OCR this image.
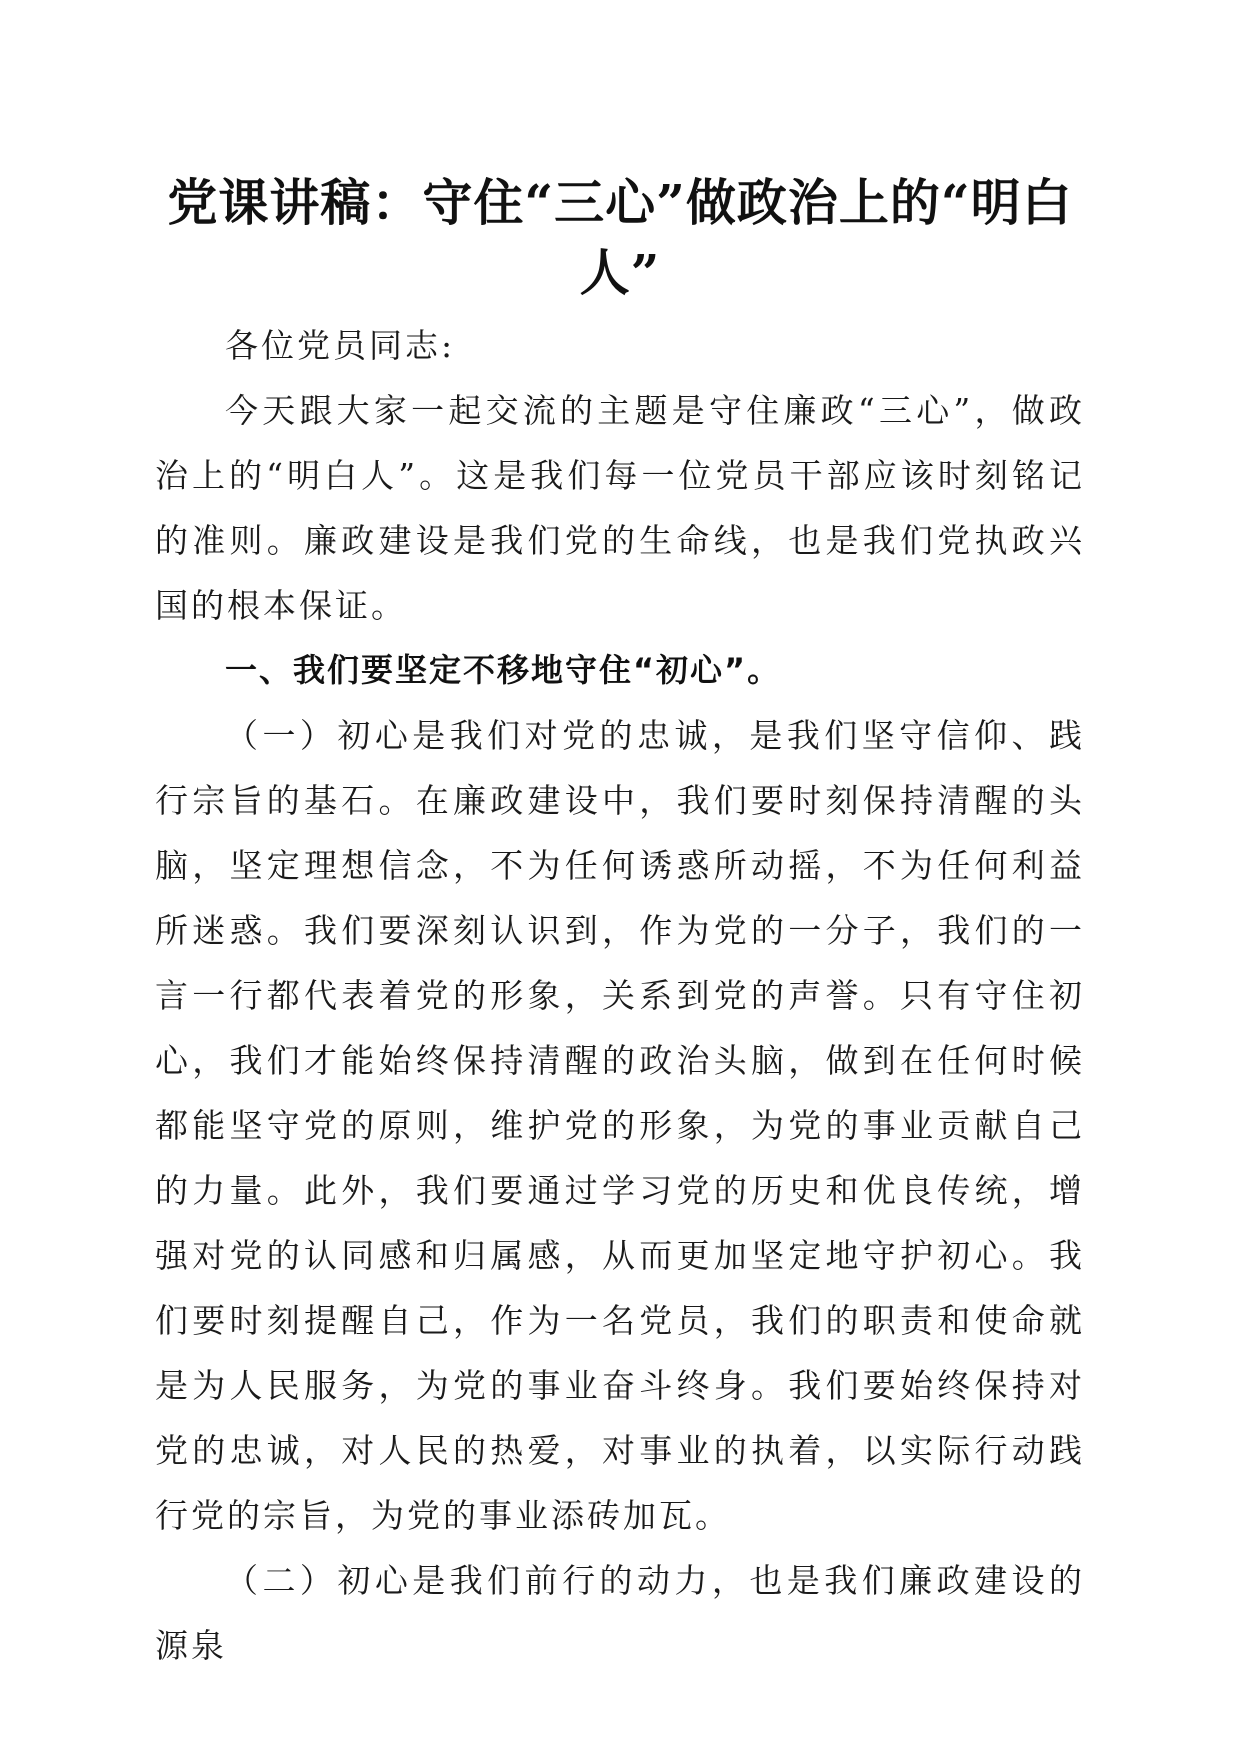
党课讲稿：守住“三心”做政治上的“明白人”

各位党员同志:

今天跟大家一起交流的主题是守住廉政“三心”，做政治上的“明白人”。这是我们每一位党员干部应该时刻铭记的准则。廉政建设是我们党的生命线，也是我们党执政兴国的根本保证。

一、我们要坚定不移地守住“初心”。

（一）初心是我们对党的忠诚，是我们坚守信仰、践行宗旨的基石。在廉政建设中，我们要时刻保持清醒的头脑，坚定理想信念，不为任何诱惑所动摇，不为任何利益所迷惑。我们要深刻认识到，作为党的一分子，我们的一言一行都代表着党的形象，关系到党的声誉。只有守住初心，我们才能始终保持清醒的政治头脑，做到在任何时候都能坚守党的原则，维护党的形象，为党的事业贡献自己的力量。此外，我们要通过学习党的历史和优良传统，增强对党的认同感和归属感，从而更加坚定地守护初心。我们要时刻提醒自己，作为一名党员，我们的职责和使命就是为人民服务，为党的事业奋斗终身。我们要始终保持对党的忠诚，对人民的热爱，对事业的执着，以实际行动践行党的宗旨，为党的事业添砖加瓦。

（二）初心是我们前行的动力，也是我们廉政建设的源泉
